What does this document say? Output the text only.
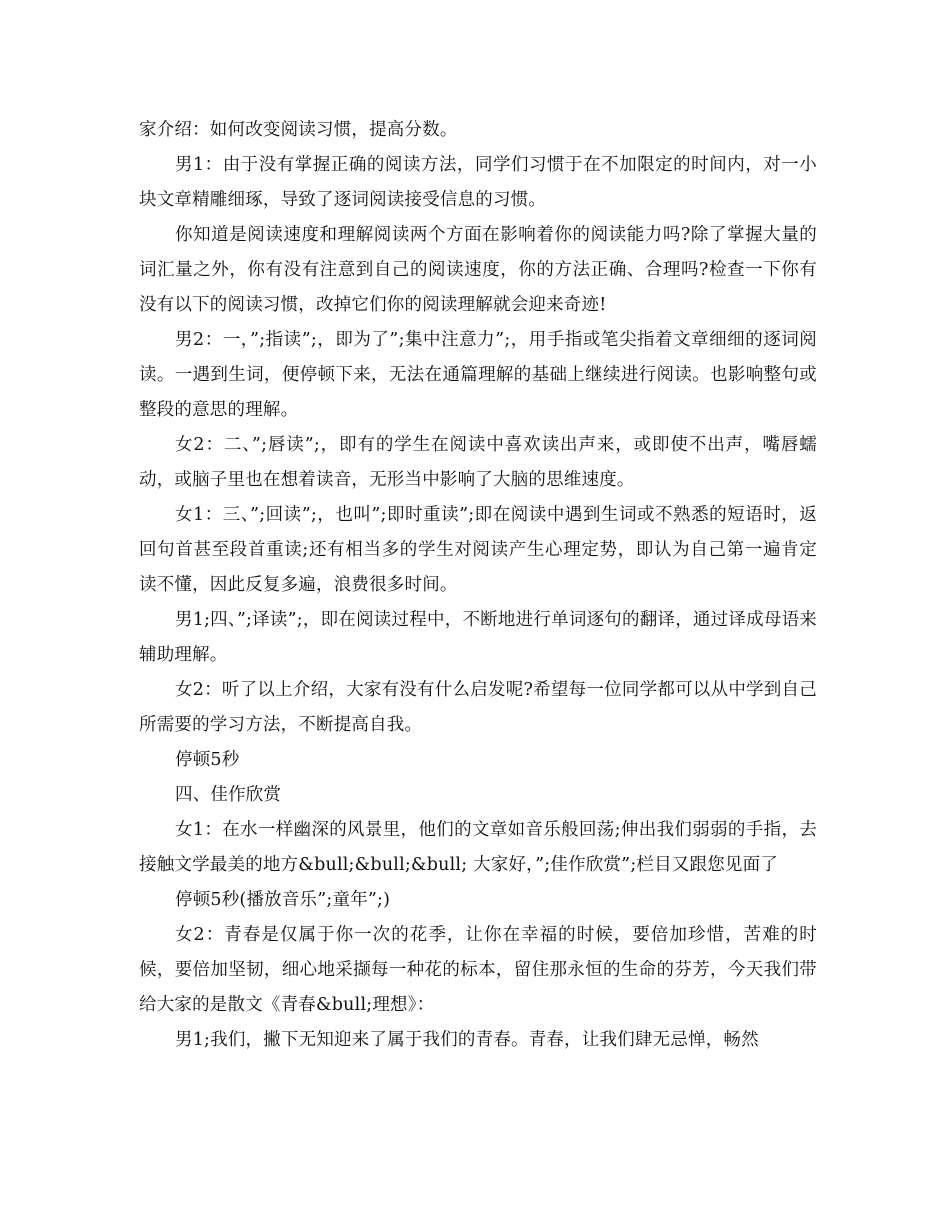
家介绍：如何改变阅读习惯，提高分数。

男1：由于没有掌握正确的阅读方法，同学们习惯于在不加限定的时间内，对一小块文章精雕细琢，导致了逐词阅读接受信息的习惯。

你知道是阅读速度和理解阅读两个方面在影响着你的阅读能力吗?除了掌握大量的词汇量之外，你有没有注意到自己的阅读速度，你的方法正确、合理吗?检查一下你有没有以下的阅读习惯，改掉它们你的阅读理解就会迎来奇迹!

男2：一，”;指读”;，即为了”;集中注意力”;，用手指或笔尖指着文章细细的逐词阅读。一遇到生词，便停顿下来，无法在通篇理解的基础上继续进行阅读。也影响整句或整段的意思的理解。

女2：二、”;唇读”;，即有的学生在阅读中喜欢读出声来，或即使不出声，嘴唇蠕动，或脑子里也在想着读音，无形当中影响了大脑的思维速度。

女1：三、”;回读”;，也叫”;即时重读”;即在阅读中遇到生词或不熟悉的短语时，返回句首甚至段首重读;还有相当多的学生对阅读产生心理定势，即认为自己第一遍肯定读不懂，因此反复多遍，浪费很多时间。

男1;四、”;译读”;，即在阅读过程中，不断地进行单词逐句的翻译，通过译成母语来辅助理解。

女2：听了以上介绍，大家有没有什么启发呢?希望每一位同学都可以从中学到自己所需要的学习方法，不断提高自我。

停顿5秒

四、佳作欣赏

女1：在水一样幽深的风景里，他们的文章如音乐般回荡;伸出我们弱弱的手指，去接触文学最美的地方&bull;&bull;&bull; 大家好，”;佳作欣赏”;栏目又跟您见面了

停顿5秒(播放音乐”;童年”;)

女2：青春是仅属于你一次的花季，让你在幸福的时候，要倍加珍惜，苦难的时候，要倍加坚韧，细心地采撷每一种花的标本，留住那永恒的生命的芬芳，今天我们带给大家的是散文《青春&bull;理想》：

男1;我们，撇下无知迎来了属于我们的青春。青春，让我们肆无忌惮，畅然
